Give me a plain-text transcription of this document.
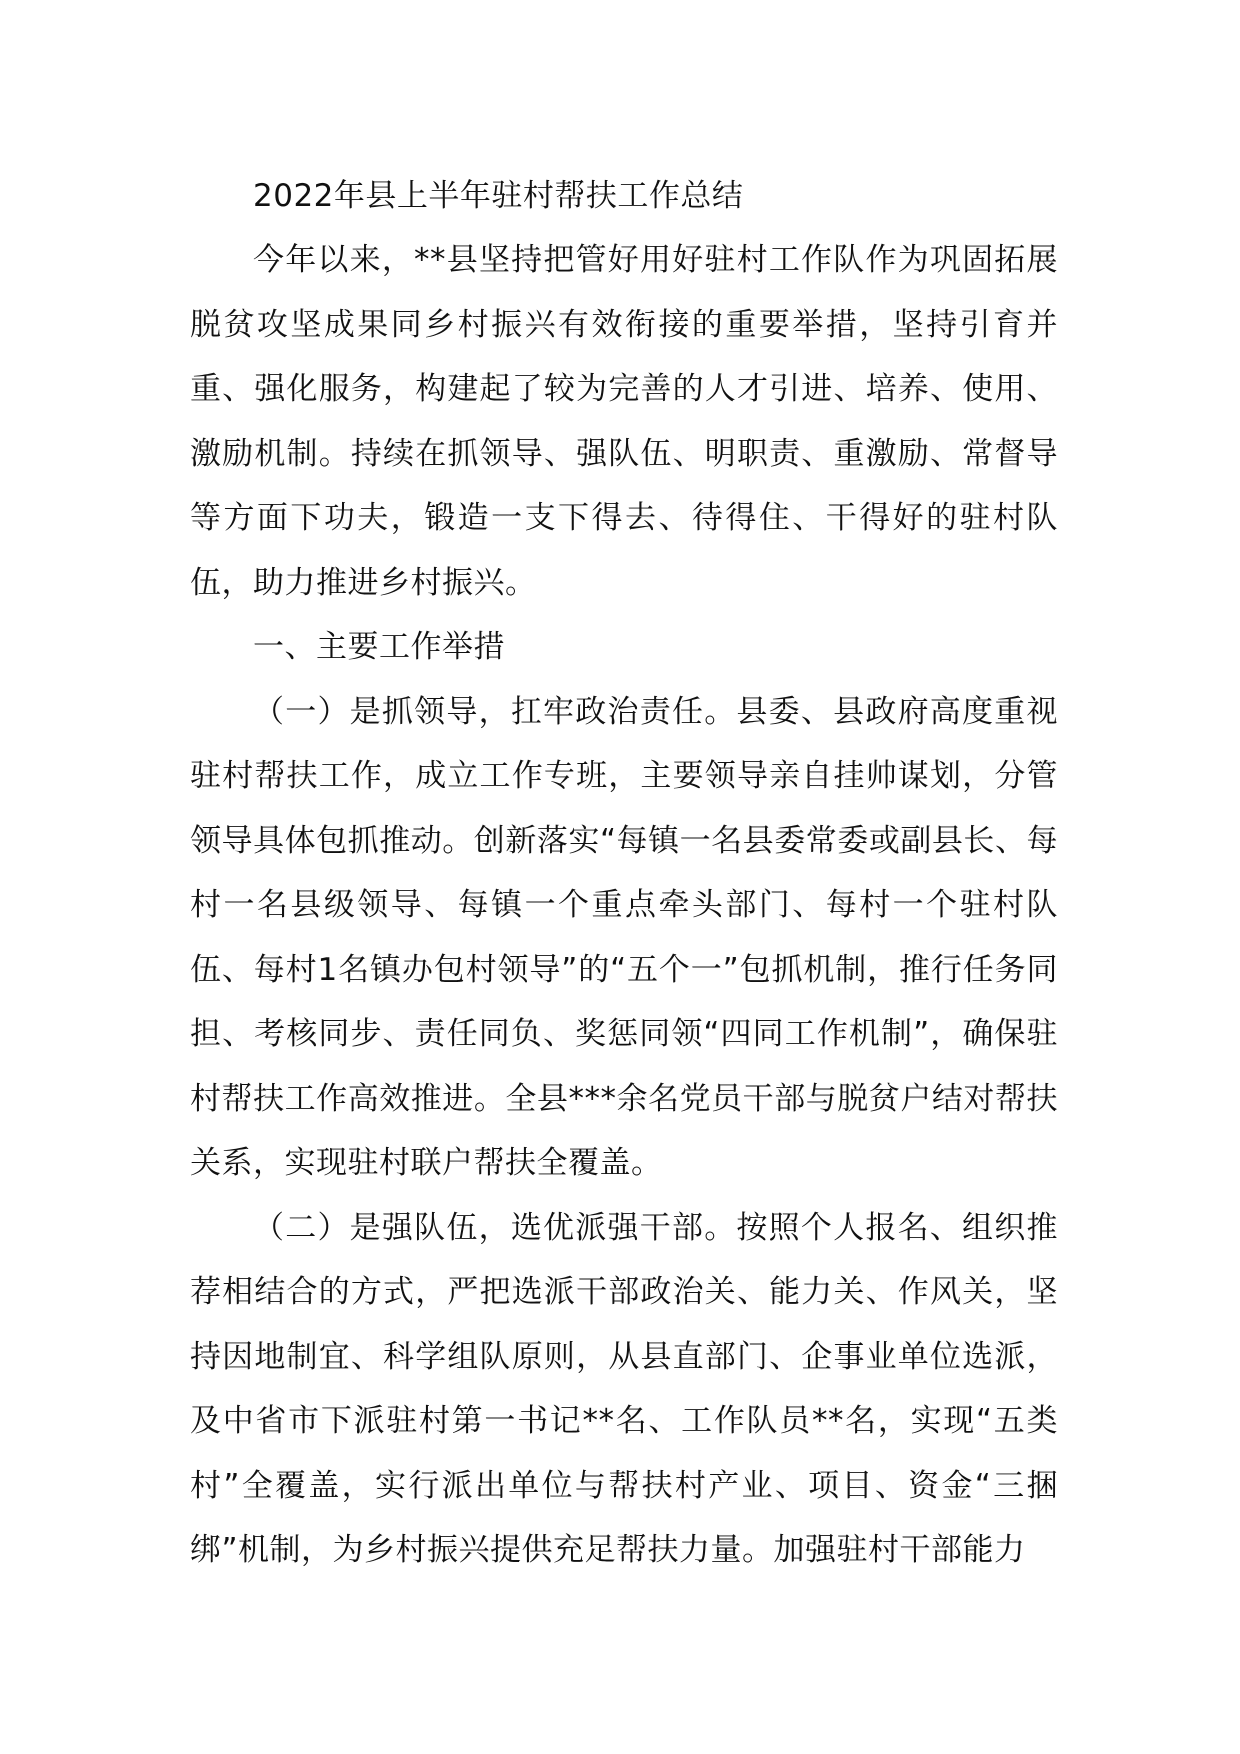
2022年县上半年驻村帮扶工作总结

今年以来，**县坚持把管好用好驻村工作队作为巩固拓展脱贫攻坚成果同乡村振兴有效衔接的重要举措，坚持引育并重、强化服务，构建起了较为完善的人才引进、培养、使用、激励机制。持续在抓领导、强队伍、明职责、重激励、常督导等方面下功夫，锻造一支下得去、待得住、干得好的驻村队伍，助力推进乡村振兴。

一、主要工作举措

（一）是抓领导，扛牢政治责任。县委、县政府高度重视驻村帮扶工作，成立工作专班，主要领导亲自挂帅谋划，分管领导具体包抓推动。创新落实“每镇一名县委常委或副县长、每村一名县级领导、每镇一个重点牵头部门、每村一个驻村队伍、每村1名镇办包村领导”的“五个一”包抓机制，推行任务同担、考核同步、责任同负、奖惩同领“四同工作机制”，确保驻村帮扶工作高效推进。全县***余名党员干部与脱贫户结对帮扶关系，实现驻村联户帮扶全覆盖。

（二）是强队伍，选优派强干部。按照个人报名、组织推荐相结合的方式，严把选派干部政治关、能力关、作风关，坚持因地制宜、科学组队原则，从县直部门、企事业单位选派，及中省市下派驻村第一书记**名、工作队员**名，实现“五类村”全覆盖，实行派出单位与帮扶村产业、项目、资金“三捆绑”机制，为乡村振兴提供充足帮扶力量。加强驻村干部能力
